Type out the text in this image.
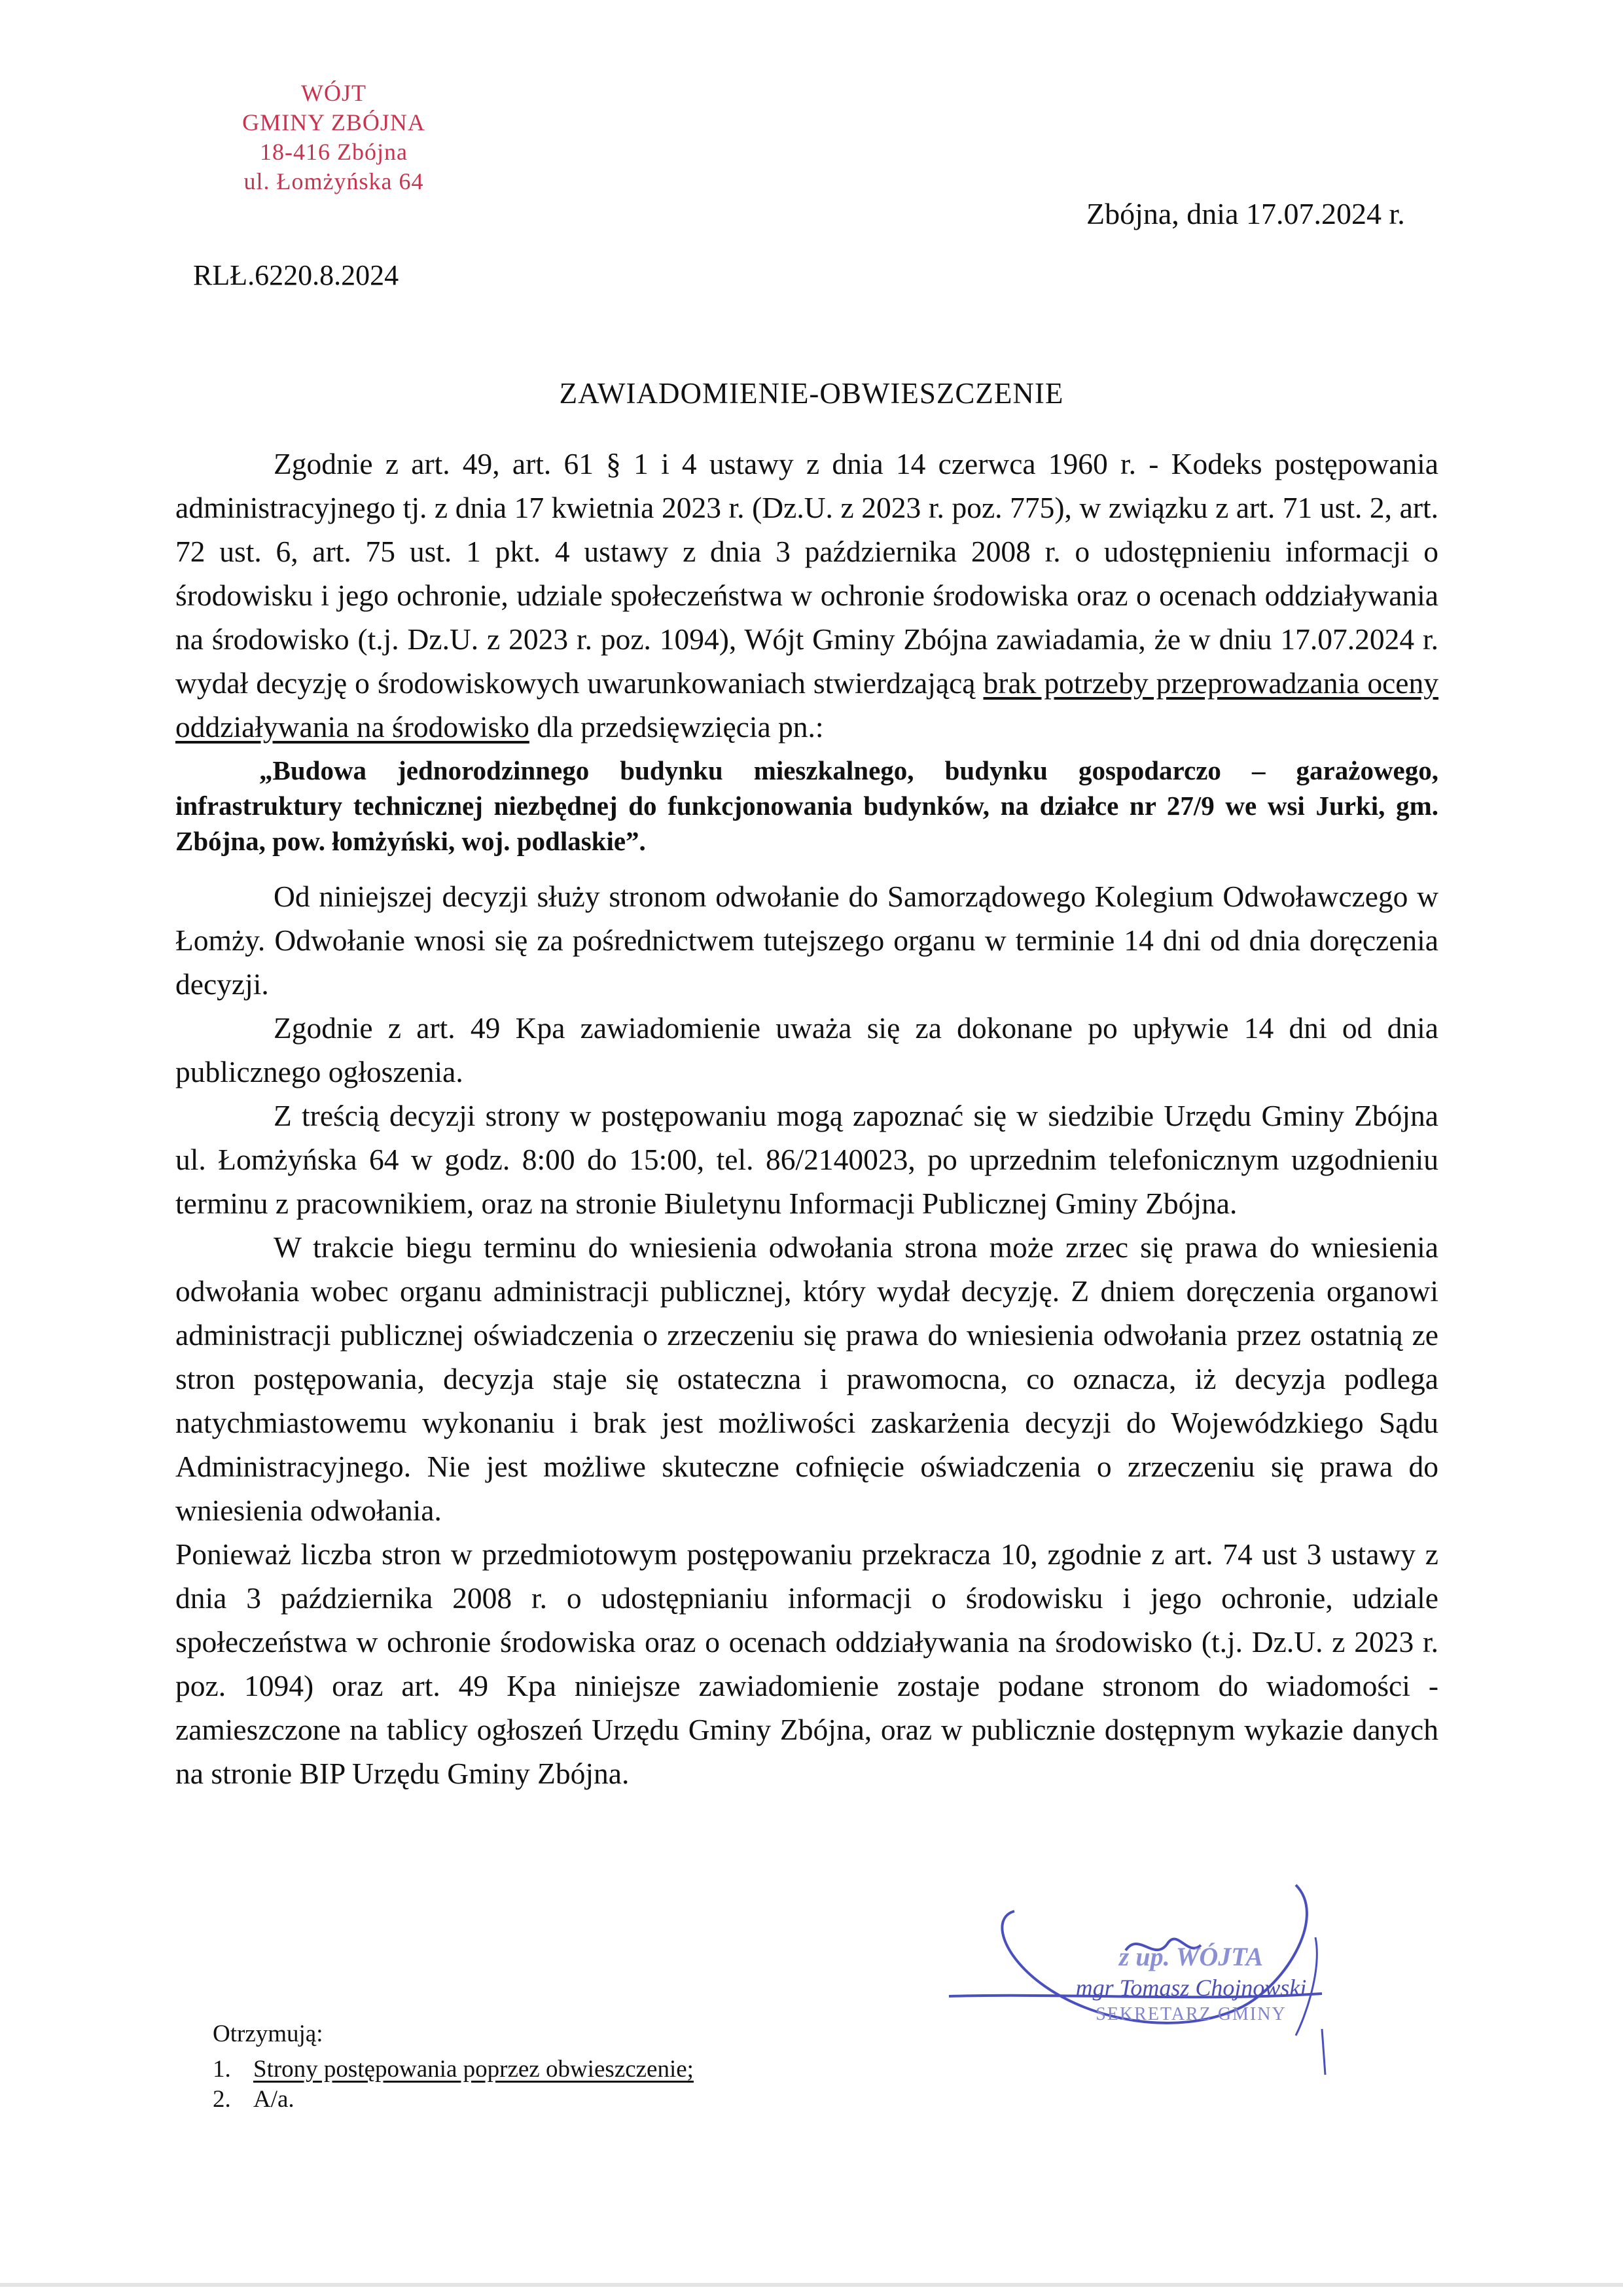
WÓJT
GMINY ZBÓJNA
18-416 Zbójna
ul. Łomżyńska 64
Zbójna, dnia 17.07.2024 r.
RLŁ.6220.8.2024
ZAWIADOMIENIE-OBWIESZCZENIE

Zgodnie z art. 49, art. 61 § 1 i 4 ustawy z dnia 14 czerwca 1960 r. - Kodeks postępowania administracyjnego tj. z dnia 17 kwietnia 2023 r. (Dz.U. z 2023 r. poz. 775), w związku z art. 71 ust. 2, art. 72 ust. 6, art. 75 ust. 1 pkt. 4 ustawy z dnia 3 października 2008 r. o udostępnieniu informacji o środowisku i jego ochronie, udziale społeczeństwa w ochronie środowiska oraz o ocenach oddziaływania na środowisko (t.j. Dz.U. z 2023 r. poz. 1094), Wójt Gminy Zbójna zawiadamia, że w dniu 17.07.2024 r. wydał decyzję o środowiskowych uwarunkowaniach stwierdzającą brak potrzeby przeprowadzania oceny oddziaływania na środowisko dla przedsięwzięcia pn.:

„Budowa jednorodzinnego budynku mieszkalnego, budynku gospodarczo – garażowego, infrastruktury technicznej niezbędnej do funkcjonowania budynków, na działce nr 27/9 we wsi Jurki, gm. Zbójna, pow. łomżyński, woj. podlaskie”.

Od niniejszej decyzji służy stronom odwołanie do Samorządowego Kolegium Odwoławczego w Łomży. Odwołanie wnosi się za pośrednictwem tutejszego organu w terminie 14 dni od dnia doręczenia decyzji.

Zgodnie z art. 49 Kpa zawiadomienie uważa się za dokonane po upływie 14 dni od dnia publicznego ogłoszenia.

Z treścią decyzji strony w postępowaniu mogą zapoznać się w siedzibie Urzędu Gminy Zbójna ul. Łomżyńska 64 w godz. 8:00 do 15:00, tel. 86/2140023, po uprzednim telefonicznym uzgodnieniu terminu z pracownikiem, oraz na stronie Biuletynu Informacji Publicznej Gminy Zbójna.

W trakcie biegu terminu do wniesienia odwołania strona może zrzec się prawa do wniesienia odwołania wobec organu administracji publicznej, który wydał decyzję. Z dniem doręczenia organowi administracji publicznej oświadczenia o zrzeczeniu się prawa do wniesienia odwołania przez ostatnią ze stron postępowania, decyzja staje się ostateczna i prawomocna, co oznacza, iż decyzja podlega natychmiastowemu wykonaniu i brak jest możliwości zaskarżenia decyzji do Wojewódzkiego Sądu Administracyjnego. Nie jest możliwe skuteczne cofnięcie oświadczenia o zrzeczeniu się prawa do wniesienia odwołania.

Ponieważ liczba stron w przedmiotowym postępowaniu przekracza 10, zgodnie z art. 74 ust 3 ustawy z dnia 3 października 2008 r. o udostępnianiu informacji o środowisku i jego ochronie, udziale społeczeństwa w ochronie środowiska oraz o ocenach oddziaływania na środowisko (t.j. Dz.U. z 2023 r. poz. 1094) oraz art. 49 Kpa niniejsze zawiadomienie zostaje podane stronom do wiadomości - zamieszczone na tablicy ogłoszeń Urzędu Gminy Zbójna, oraz w publicznie dostępnym wykazie danych na stronie BIP Urzędu Gminy Zbójna.

z up. WÓJTA
mgr Tomasz Chojnowski
SEKRETARZ GMINY
Otrzymują:
1. Strony postępowania poprzez obwieszczenie;
2. A/a.
